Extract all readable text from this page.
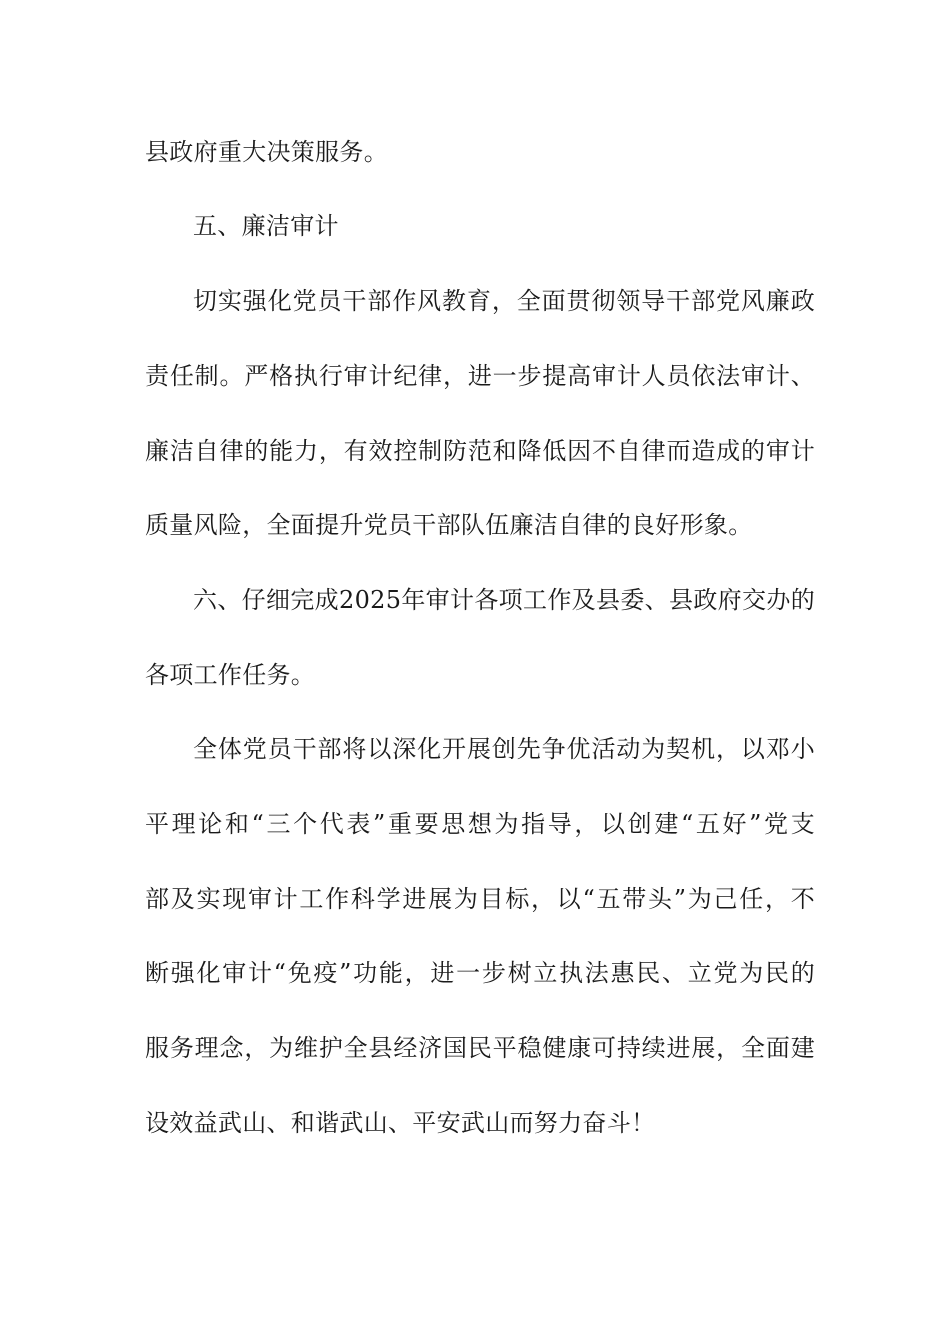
县政府重大决策服务。
五、廉洁审计
切实强化党员干部作风教育，全面贯彻领导干部党风廉政
责任制。严格执行审计纪律，进一步提高审计人员依法审计、
廉洁自律的能力，有效控制防范和降低因不自律而造成的审计
质量风险，全面提升党员干部队伍廉洁自律的良好形象。
六、仔细完成2025年审计各项工作及县委、县政府交办的
各项工作任务。
全体党员干部将以深化开展创先争优活动为契机，以邓小
平理论和“三个代表”重要思想为指导，以创建“五好”党支
部及实现审计工作科学进展为目标，以“五带头”为己任，不
断强化审计“免疫”功能，进一步树立执法惠民、立党为民的
服务理念，为维护全县经济国民平稳健康可持续进展，全面建
设效益武山、和谐武山、平安武山而努力奋斗！
